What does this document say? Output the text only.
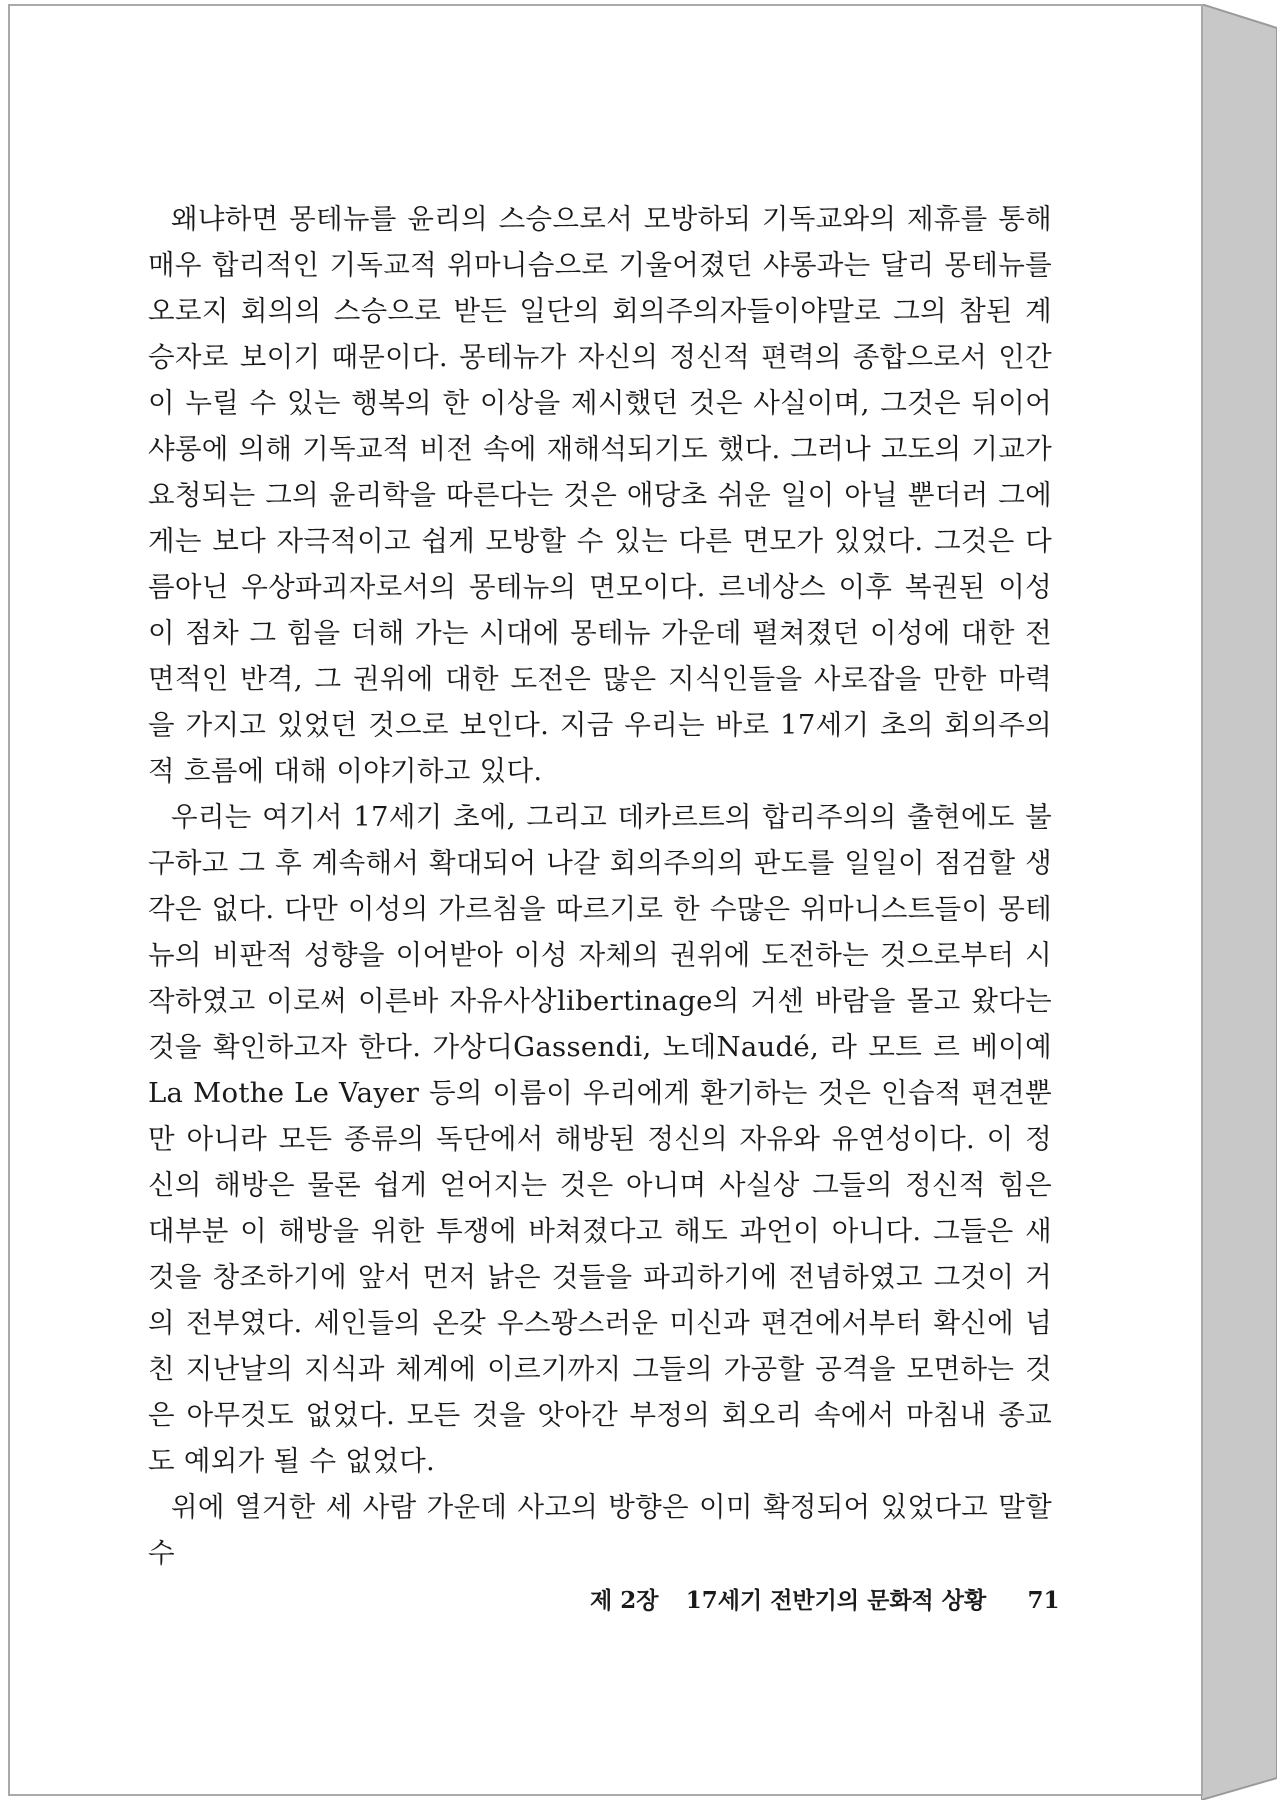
왜냐하면 몽테뉴를 윤리의 스승으로서 모방하되 기독교와의 제휴를 통해 매우 합리적인 기독교적 위마니슴으로 기울어졌던 샤롱과는 달리 몽테뉴를 오로지 회의의 스승으로 받든 일단의 회의주의자들이야말로 그의 참된 계승자로 보이기 때문이다. 몽테뉴가 자신의 정신적 편력의 종합으로서 인간이 누릴 수 있는 행복의 한 이상을 제시했던 것은 사실이며, 그것은 뒤이어 샤롱에 의해 기독교적 비전 속에 재해석되기도 했다. 그러나 고도의 기교가 요청되는 그의 윤리학을 따른다는 것은 애당초 쉬운 일이 아닐 뿐더러 그에게는 보다 자극적이고 쉽게 모방할 수 있는 다른 면모가 있었다. 그것은 다름아닌 우상파괴자로서의 몽테뉴의 면모이다. 르네상스 이후 복권된 이성이 점차 그 힘을 더해 가는 시대에 몽테뉴 가운데 펼쳐졌던 이성에 대한 전면적인 반격, 그 권위에 대한 도전은 많은 지식인들을 사로잡을 만한 마력을 가지고 있었던 것으로 보인다. 지금 우리는 바로 17세기 초의 회의주의적 흐름에 대해 이야기하고 있다.

우리는 여기서 17세기 초에, 그리고 데카르트의 합리주의의 출현에도 불구하고 그 후 계속해서 확대되어 나갈 회의주의의 판도를 일일이 점검할 생각은 없다. 다만 이성의 가르침을 따르기로 한 수많은 위마니스트들이 몽테뉴의 비판적 성향을 이어받아 이성 자체의 권위에 도전하는 것으로부터 시작하였고 이로써 이른바 자유사상libertinage의 거센 바람을 몰고 왔다는 것을 확인하고자 한다. 가상디Gassendi, 노데Naudé, 라 모트 르 베이예La Mothe Le Vayer 등의 이름이 우리에게 환기하는 것은 인습적 편견뿐만 아니라 모든 종류의 독단에서 해방된 정신의 자유와 유연성이다. 이 정신의 해방은 물론 쉽게 얻어지는 것은 아니며 사실상 그들의 정신적 힘은 대부분 이 해방을 위한 투쟁에 바쳐졌다고 해도 과언이 아니다. 그들은 새것을 창조하기에 앞서 먼저 낡은 것들을 파괴하기에 전념하였고 그것이 거의 전부였다. 세인들의 온갖 우스꽝스러운 미신과 편견에서부터 확신에 넘친 지난날의 지식과 체계에 이르기까지 그들의 가공할 공격을 모면하는 것은 아무것도 없었다. 모든 것을 앗아간 부정의 회오리 속에서 마침내 종교도 예외가 될 수 없었다.

위에 열거한 세 사람 가운데 사고의 방향은 이미 확정되어 있었다고 말할 수

제 2장 17세기 전반기의 문화적 상황 71
